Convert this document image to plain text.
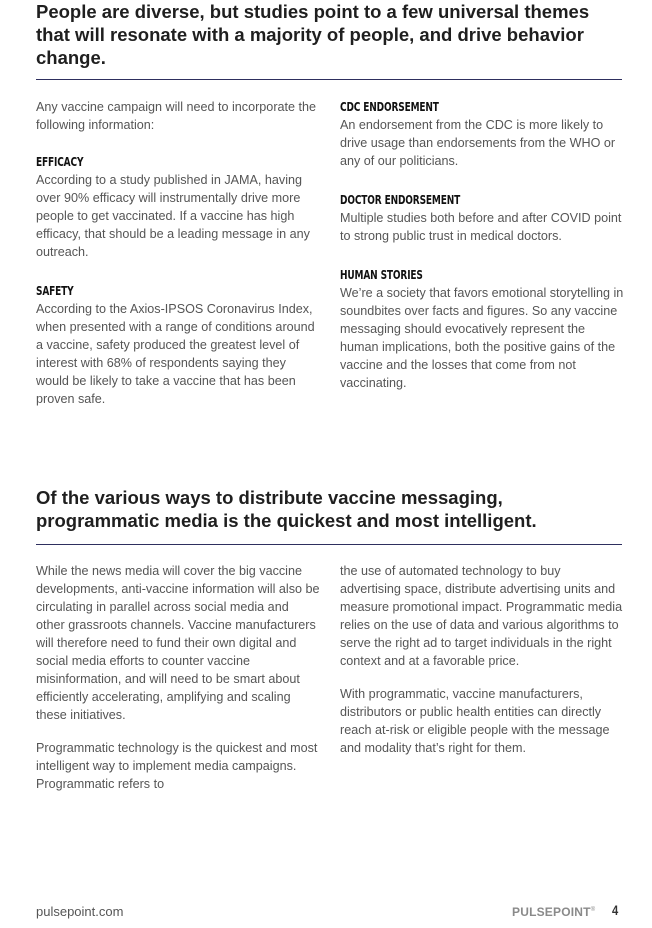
People are diverse, but studies point to a few universal themes that will resonate with a majority of people, and drive behavior change.

Any vaccine campaign will need to incorporate the following information:

EFFICACY

According to a study published in JAMA, having over 90% efficacy will instrumentally drive more people to get vaccinated. If a vaccine has high efficacy, that should be a leading message in any outreach.

SAFETY

According to the Axios-IPSOS Coronavirus Index, when presented with a range of conditions around a vaccine, safety produced the greatest level of interest with 68% of respondents saying they would be likely to take a vaccine that has been proven safe.

CDC ENDORSEMENT

An endorsement from the CDC is more likely to drive usage than endorsements from the WHO or any of our politicians.

DOCTOR ENDORSEMENT

Multiple studies both before and after COVID point to strong public trust in medical doctors.

HUMAN STORIES

We’re a society that favors emotional storytelling in soundbites over facts and figures. So any vaccine messaging should evocatively represent the human implications, both the positive gains of the vaccine and the losses that come from not vaccinating.

Of the various ways to distribute vaccine messaging, programmatic media is the quickest and most intelligent.

While the news media will cover the big vaccine developments, anti-vaccine information will also be circulating in parallel across social media and other grassroots channels. Vaccine manufacturers will therefore need to fund their own digital and social media efforts to counter vaccine misinformation, and will need to be smart about efficiently accelerating, amplifying and scaling these initiatives.

Programmatic technology is the quickest and most intelligent way to implement media campaigns. Programmatic refers to

the use of automated technology to buy advertising space, distribute advertising units and measure promotional impact. Programmatic media relies on the use of data and various algorithms to serve the right ad to target individuals in the right context and at a favorable price.

With programmatic, vaccine manufacturers, distributors or public health entities can directly reach at-risk or eligible people with the message and modality that’s right for them.

pulsepoint.com	PULSEPOINT® 4
